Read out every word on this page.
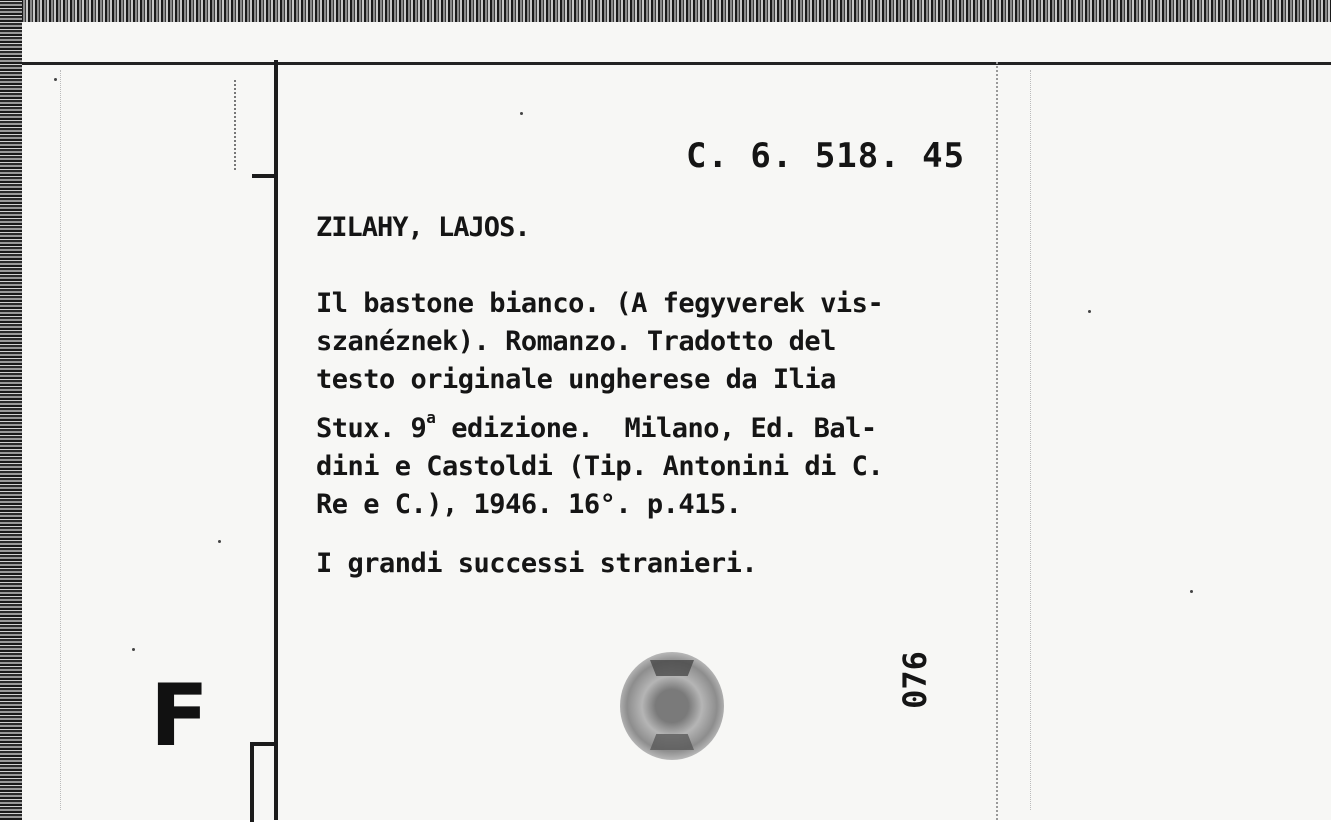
C. 6. 518. 45

ZILAHY, LAJOS.

Il bastone bianco. (A fegyverek vis-
szanéznek). Romanzo. Tradotto del
testo originale ungherese da Ilia
Stux. 9$^a$ edizione.  Milano, Ed. Bal-
dini e Castoldi (Tip. Antonini di C.
Re e C.), 1946. 16°. p.415.

I grandi successi stranieri.

076
F
